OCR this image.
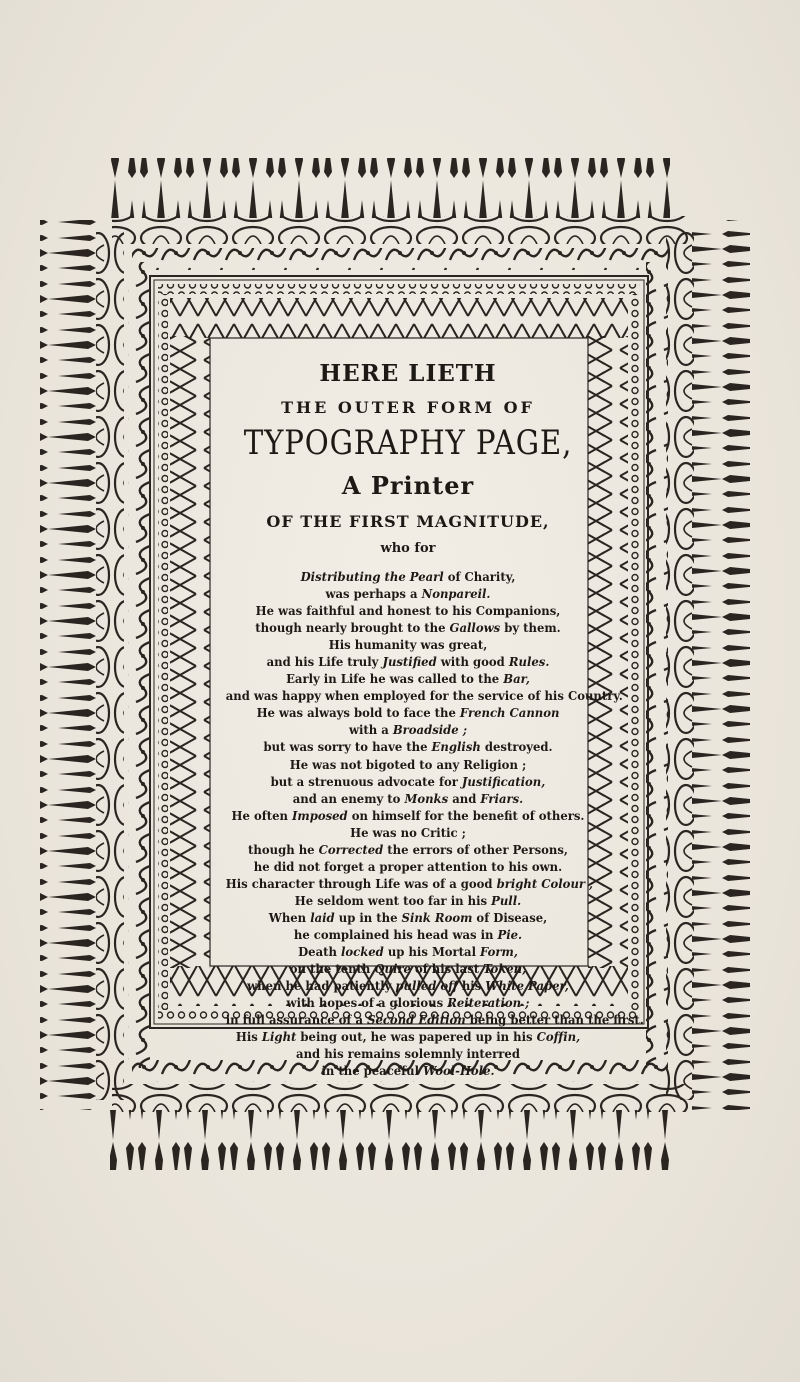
HERE LIETH
THE OUTER FORM OF
TYPOGRAPHY PAGE,
A Printer
OF THE FIRST MAGNITUDE,
who for
Distributing the Pearl of Charity,
was perhaps a Nonpareil.
He was faithful and honest to his Companions,
though nearly brought to the Gallows by them.
His humanity was great,
and his Life truly Justified with good Rules.
Early in Life he was called to the Bar,
and was happy when employed for the service of his Country.
He was always bold to face the French Cannon
with a Broadside ;
but was sorry to have the English destroyed.
He was not bigoted to any Religion ;
but a strenuous advocate for Justification,
and an enemy to Monks and Friars.
He often Imposed on himself for the benefit of others.
He was no Critic ;
though he Corrected the errors of other Persons,
he did not forget a proper attention to his own.
His character through Life was of a good bright Colour ;
He seldom went too far in his Pull.
When laid up in the Sink Room of Disease,
he complained his head was in Pie.
Death locked up his Mortal Form,
on the tenth Quire of his last Token,
when he had patiently pulled off his White Paper,
with hopes of a glorious Reiteration ;
in full assurance of a Second Edition being better than the first.
His Light being out, he was papered up in his Coffin,
and his remains solemnly interred
in the peaceful Wool-Hole.
